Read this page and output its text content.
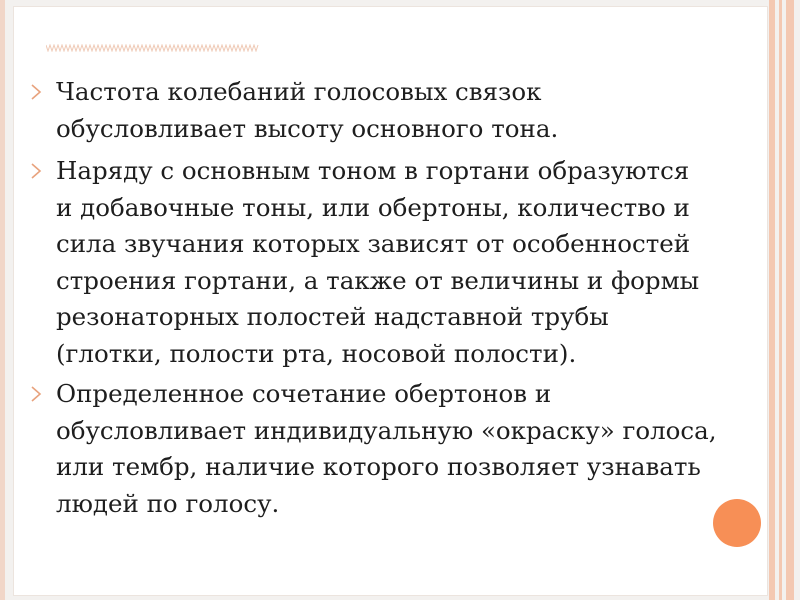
Частота колебаний голосовых связок
обусловливает высоту основного тона.
Наряду с основным тоном в гортани образуются
и добавочные тоны, или обертоны, количество и
сила звучания которых зависят от особенностей
строения гортани, а также от величины и формы
резонаторных полостей надставной трубы
(глотки, полости рта, носовой полости).
Определенное сочетание обертонов и
обусловливает индивидуальную «окраску» голоса,
или тембр, наличие которого позволяет узнавать
людей по голосу.
